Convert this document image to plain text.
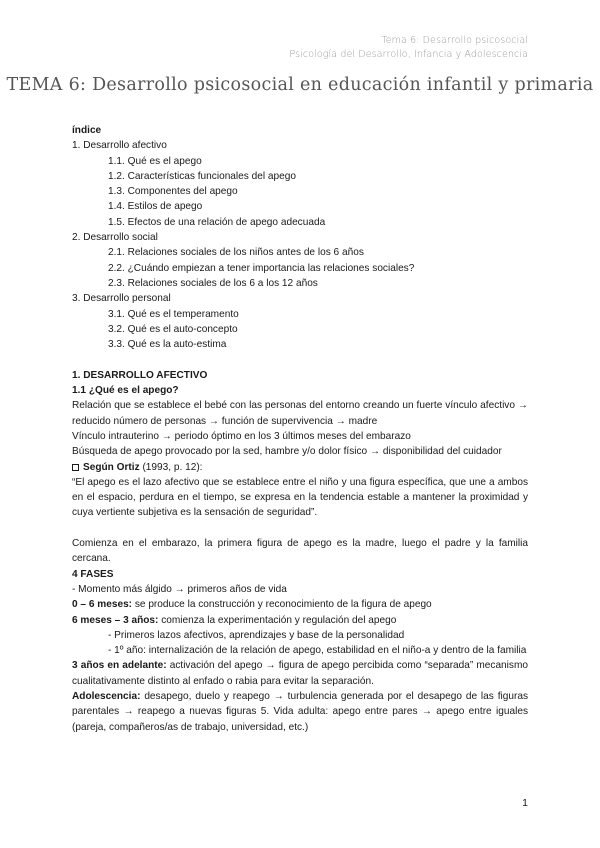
Tema 6: Desarrollo psicosocial
Psicología del Desarrollo, Infancia y Adolescencia
TEMA 6: Desarrollo psicosocial en educación infantil y primaria
índice
1. Desarrollo afectivo
1.1. Qué es el apego
1.2. Características funcionales del apego
1.3. Componentes del apego
1.4. Estilos de apego
1.5. Efectos de una relación de apego adecuada
2. Desarrollo social
2.1. Relaciones sociales de los niños antes de los 6 años
2.2. ¿Cuándo empiezan a tener importancia las relaciones sociales?
2.3. Relaciones sociales de los 6 a los 12 años
3. Desarrollo personal
3.1. Qué es el temperamento
3.2. Qué es el auto-concepto
3.3. Qué es la auto-estima
1. DESARROLLO AFECTIVO
1.1 ¿Qué es el apego?
Relación que se establece el bebé con las personas del entorno creando un fuerte vínculo afectivo → reducido número de personas → función de supervivencia → madre
Vínculo intrauterino → periodo óptimo en los 3 últimos meses del embarazo
Búsqueda de apego provocado por la sed, hambre y/o dolor físico → disponibilidad del cuidador
Según Ortiz (1993, p. 12):
“El apego es el lazo afectivo que se establece entre el niño y una figura específica, que une a ambos en el espacio, perdura en el tiempo, se expresa en la tendencia estable a mantener la proximidad y cuya vertiente subjetiva es la sensación de seguridad”.
Comienza en el embarazo, la primera figura de apego es la madre, luego el padre y la familia cercana.
4 FASES
- Momento más álgido → primeros años de vida
0 – 6 meses: se produce la construcción y reconocimiento de la figura de apego
6 meses – 3 años: comienza la experimentación y regulación del apego
- Primeros lazos afectivos, aprendizajes y base de la personalidad
- 1º año: internalización de la relación de apego, estabilidad en el niño-a y dentro de la familia
3 años en adelante: activación del apego → figura de apego percibida como “separada” mecanismo cualitativamente distinto al enfado o rabia para evitar la separación.
Adolescencia: desapego, duelo y reapego → turbulencia generada por el desapego de las figuras parentales → reapego a nuevas figuras 5. Vida adulta: apego entre pares → apego entre iguales (pareja, compañeros/as de trabajo, universidad, etc.)
1
